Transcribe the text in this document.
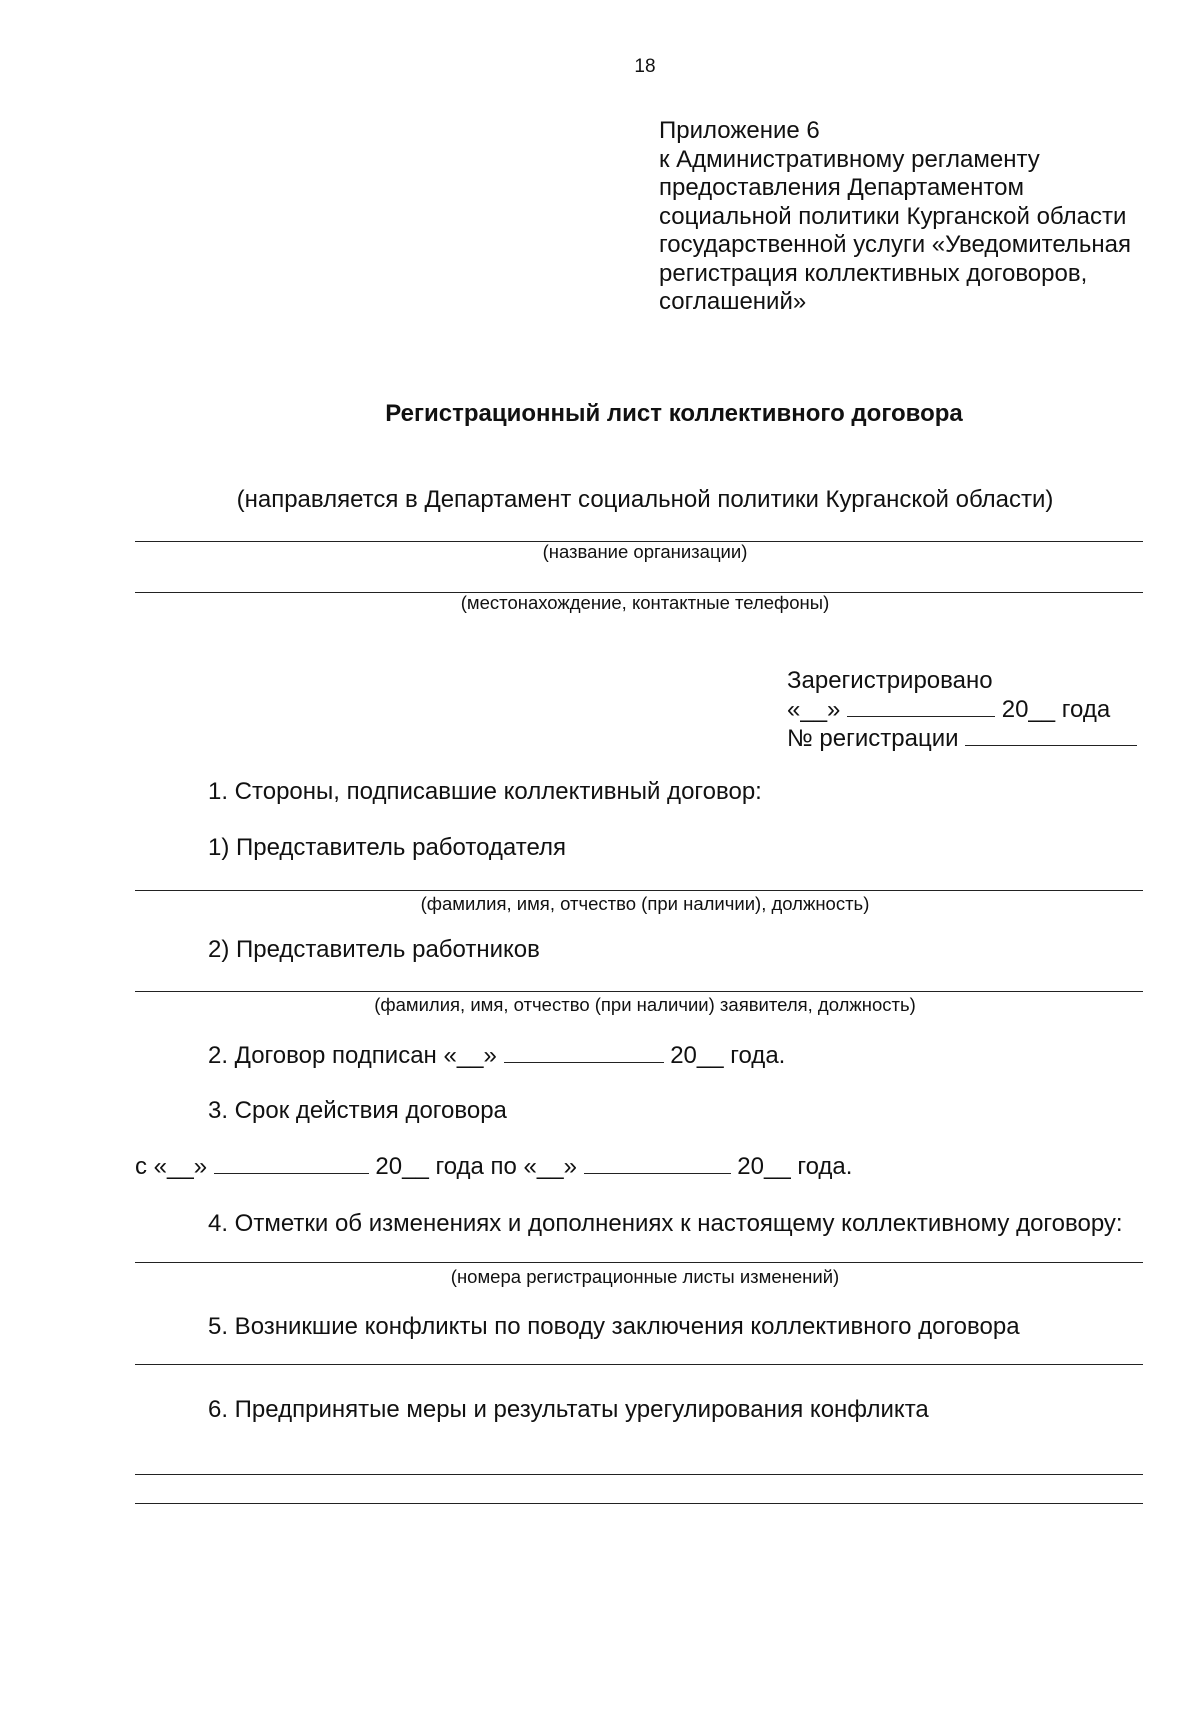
18
Приложение 6
к Административному регламенту
предоставления Департаментом
социальной политики Курганской области
государственной услуги «Уведомительная
регистрация коллективных договоров,
соглашений»
Регистрационный лист коллективного договора
(направляется в Департамент социальной политики Курганской области)
(название организации)
(местонахождение, контактные телефоны)
Зарегистрировано
«__»	20__ года
№ регистрации
1. Стороны, подписавшие коллективный договор:
1) Представитель работодателя
(фамилия, имя, отчество (при наличии), должность)
2) Представитель работников
(фамилия, имя, отчество (при наличии) заявителя, должность)
2. Договор подписан «__»	20__ года.
3. Срок действия договора
с «__»	20__ года по «__»	20__ года.
4. Отметки об изменениях и дополнениях к настоящему коллективному договору:
(номера регистрационные листы изменений)
5. Возникшие конфликты по поводу заключения коллективного договора
6. Предпринятые меры и результаты урегулирования конфликта
